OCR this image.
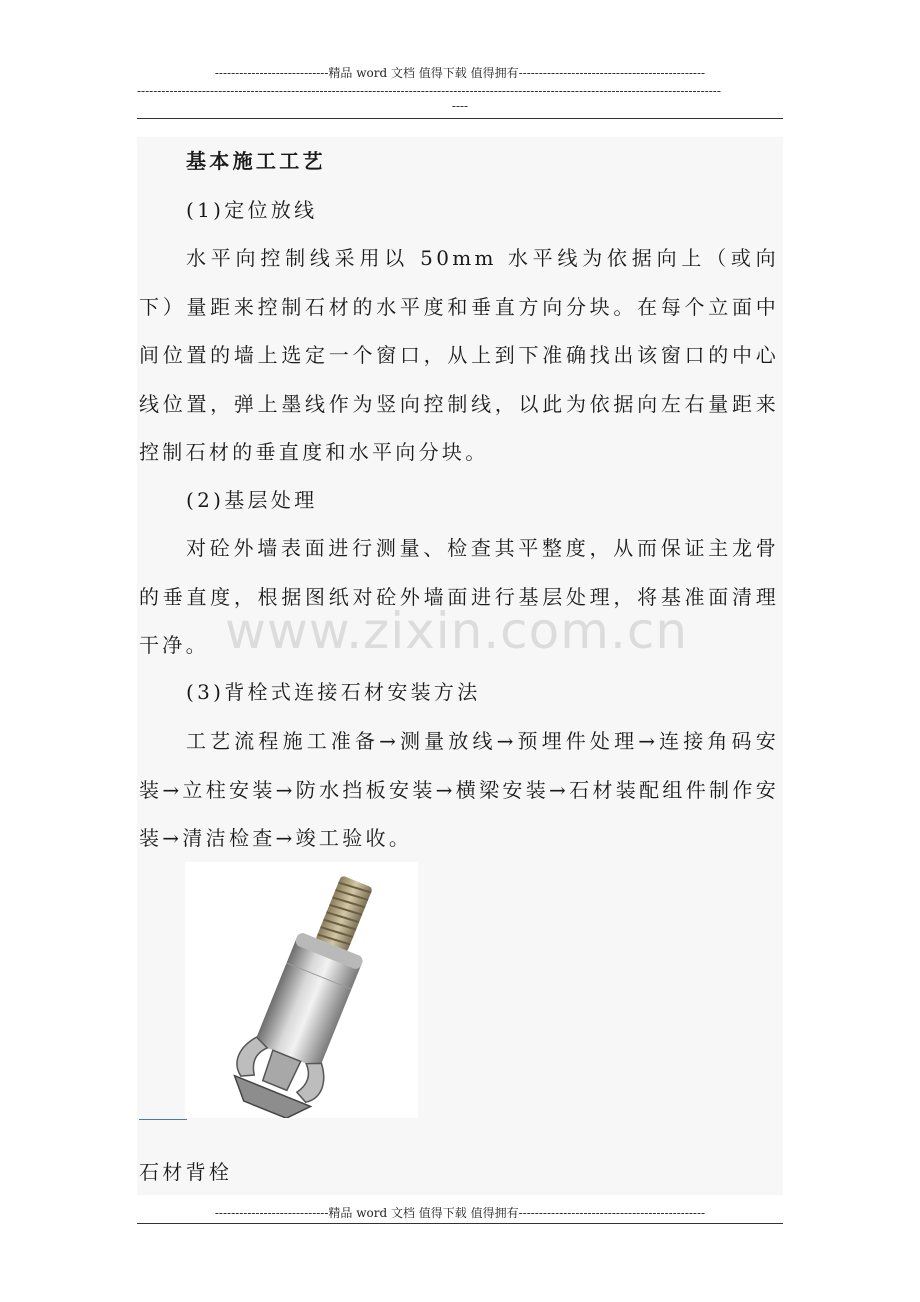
----------------------------精品 word 文档 值得下载 值得拥有----------------------------------------------
------------------------------------------------------------------------------------------------------------------------------------------------
----

基本施工工艺

(1)定位放线

水平向控制线采用以 50mm 水平线为依据向上（或向下）量距来控制石材的水平度和垂直方向分块。在每个立面中间位置的墙上选定一个窗口，从上到下准确找出该窗口的中心线位置，弹上墨线作为竖向控制线，以此为依据向左右量距来控制石材的垂直度和水平向分块。

(2)基层处理

对砼外墙表面进行测量、检查其平整度，从而保证主龙骨的垂直度，根据图纸对砼外墙面进行基层处理，将基准面清理干净。

(3)背栓式连接石材安装方法

工艺流程施工准备→测量放线→预埋件处理→连接角码安装→立柱安装→防水挡板安装→横梁安装→石材装配组件制作安装→清洁检查→竣工验收。

www.zixin.com.cn
石材背栓
----------------------------精品 word 文档 值得下载 值得拥有----------------------------------------------
